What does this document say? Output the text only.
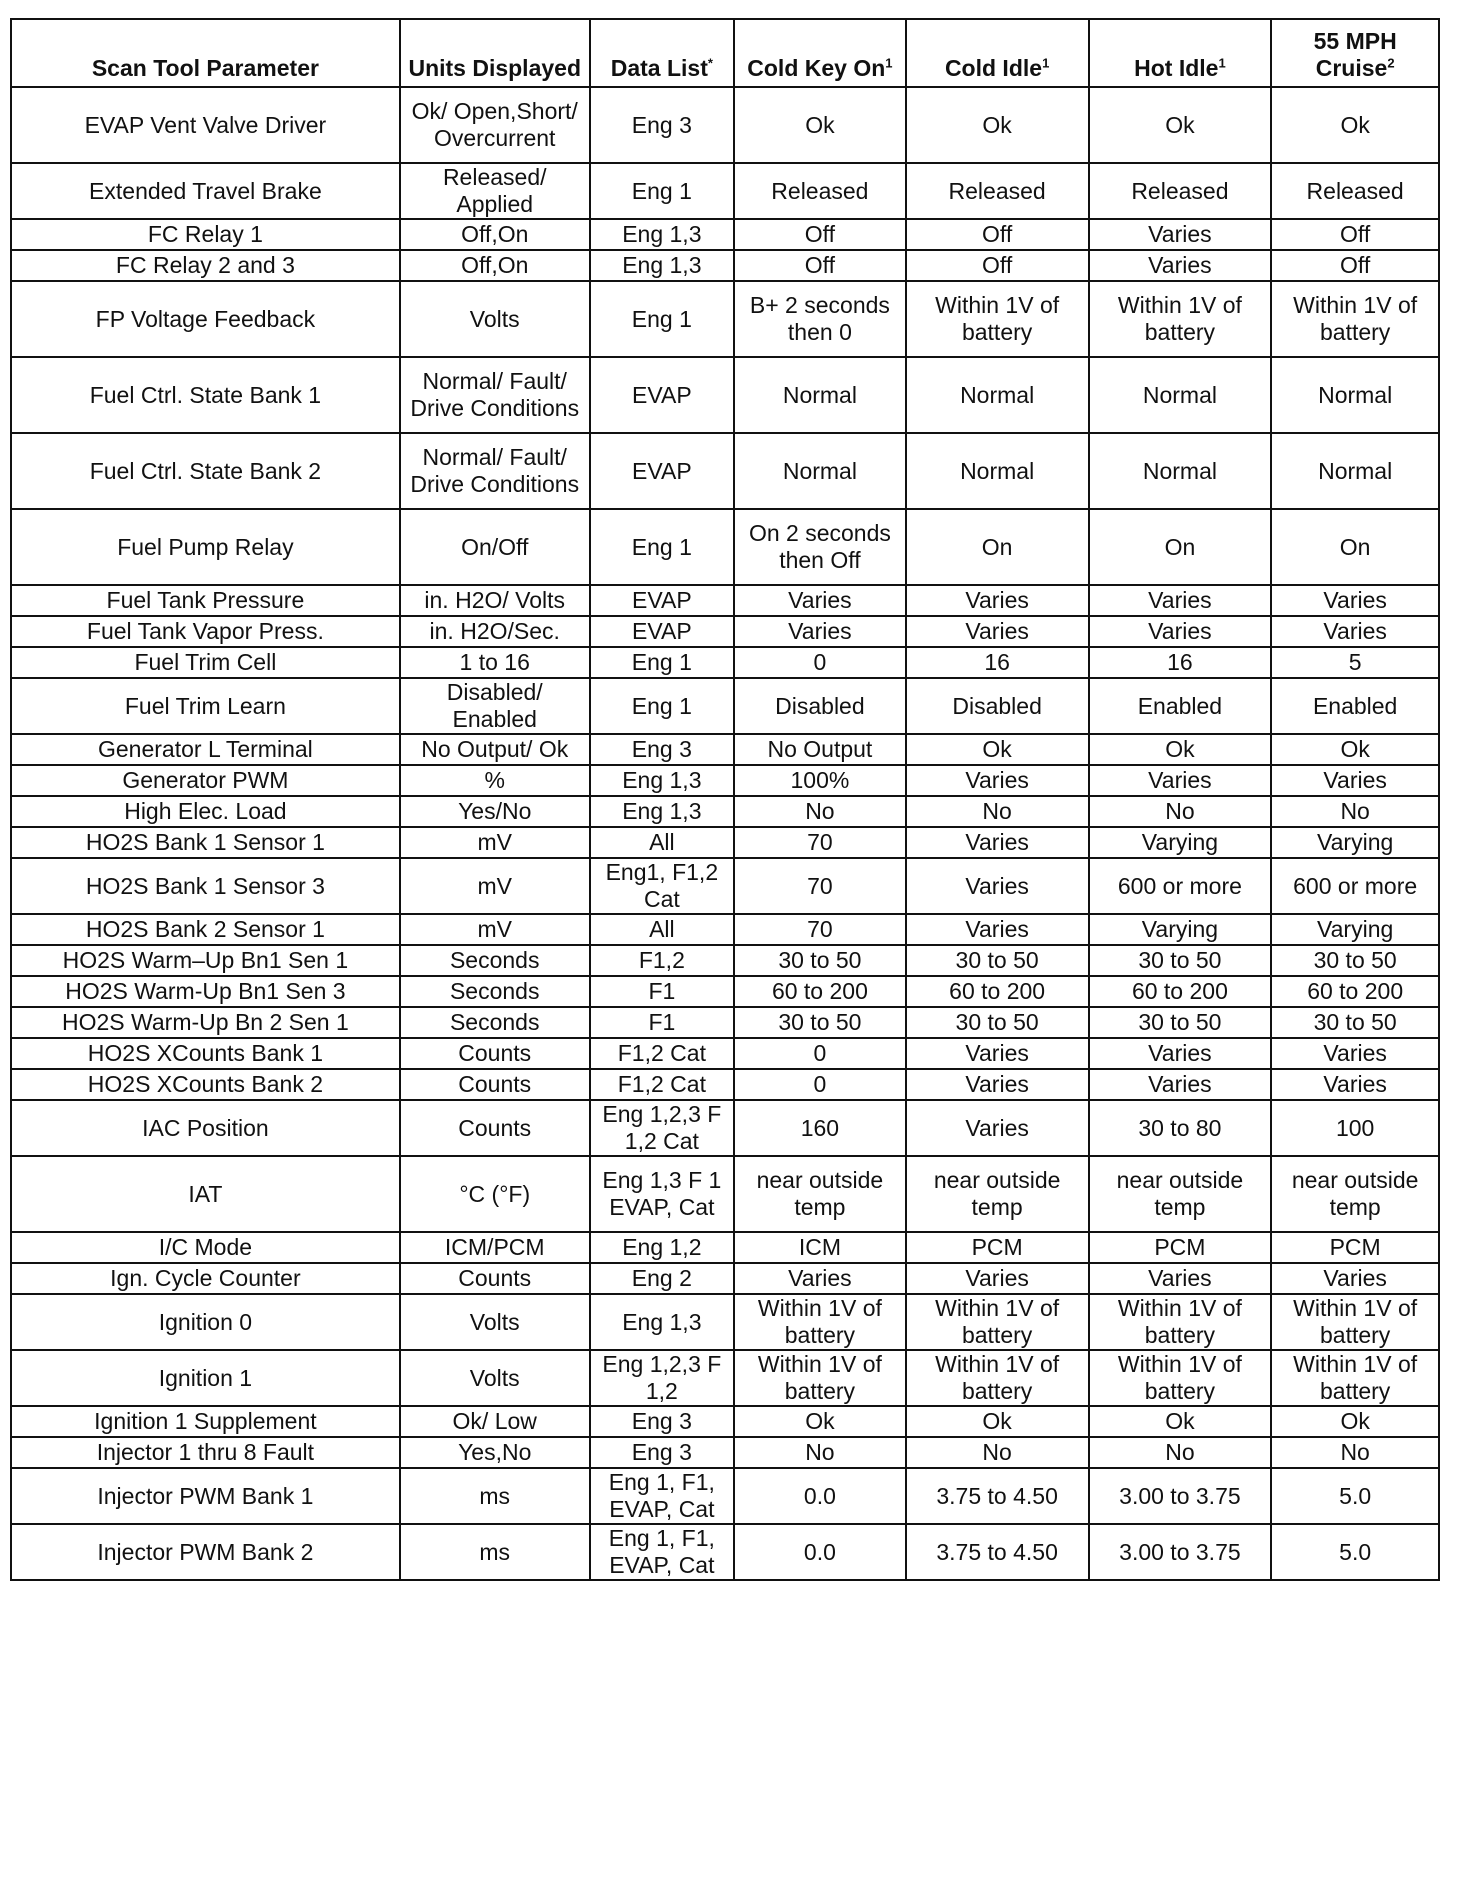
Scan Tool Parameter	Units Displayed	Data List*	Cold Key On$^1$	Cold Idle$^1$	Hot Idle$^1$	55 MPH Cruise$^2$
EVAP Vent Valve Driver	Ok/ Open,Short/ Overcurrent	Eng 3	Ok	Ok	Ok	Ok
Extended Travel Brake	Released/ Applied	Eng 1	Released	Released	Released	Released
FC Relay 1	Off,On	Eng 1,3	Off	Off	Varies	Off
FC Relay 2 and 3	Off,On	Eng 1,3	Off	Off	Varies	Off
FP Voltage Feedback	Volts	Eng 1	B+ 2 seconds then 0	Within 1V of battery	Within 1V of battery	Within 1V of battery
Fuel Ctrl. State Bank 1	Normal/ Fault/ Drive Conditions	EVAP	Normal	Normal	Normal	Normal
Fuel Ctrl. State Bank 2	Normal/ Fault/ Drive Conditions	EVAP	Normal	Normal	Normal	Normal
Fuel Pump Relay	On/Off	Eng 1	On 2 seconds then Off	On	On	On
Fuel Tank Pressure	in. H2O/ Volts	EVAP	Varies	Varies	Varies	Varies
Fuel Tank Vapor Press.	in. H2O/Sec.	EVAP	Varies	Varies	Varies	Varies
Fuel Trim Cell	1 to 16	Eng 1	0	16	16	5
Fuel Trim Learn	Disabled/ Enabled	Eng 1	Disabled	Disabled	Enabled	Enabled
Generator L Terminal	No Output/ Ok	Eng 3	No Output	Ok	Ok	Ok
Generator PWM	%	Eng 1,3	100%	Varies	Varies	Varies
High Elec. Load	Yes/No	Eng 1,3	No	No	No	No
HO2S Bank 1 Sensor 1	mV	All	70	Varies	Varying	Varying
HO2S Bank 1 Sensor 3	mV	Eng1, F1,2 Cat	70	Varies	600 or more	600 or more
HO2S Bank 2 Sensor 1	mV	All	70	Varies	Varying	Varying
HO2S Warm–Up Bn1 Sen 1	Seconds	F1,2	30 to 50	30 to 50	30 to 50	30 to 50
HO2S Warm-Up Bn1 Sen 3	Seconds	F1	60 to 200	60 to 200	60 to 200	60 to 200
HO2S Warm-Up Bn 2 Sen 1	Seconds	F1	30 to 50	30 to 50	30 to 50	30 to 50
HO2S XCounts Bank 1	Counts	F1,2 Cat	0	Varies	Varies	Varies
HO2S XCounts Bank 2	Counts	F1,2 Cat	0	Varies	Varies	Varies
IAC Position	Counts	Eng 1,2,3 F 1,2 Cat	160	Varies	30 to 80	100
IAT	°C (°F)	Eng 1,3 F 1 EVAP, Cat	near outside temp	near outside temp	near outside temp	near outside temp
I/C Mode	ICM/PCM	Eng 1,2	ICM	PCM	PCM	PCM
Ign. Cycle Counter	Counts	Eng 2	Varies	Varies	Varies	Varies
Ignition 0	Volts	Eng 1,3	Within 1V of battery	Within 1V of battery	Within 1V of battery	Within 1V of battery
Ignition 1	Volts	Eng 1,2,3 F 1,2	Within 1V of battery	Within 1V of battery	Within 1V of battery	Within 1V of battery
Ignition 1 Supplement	Ok/ Low	Eng 3	Ok	Ok	Ok	Ok
Injector 1 thru 8 Fault	Yes,No	Eng 3	No	No	No	No
Injector PWM Bank 1	ms	Eng 1, F1, EVAP, Cat	0.0	3.75 to 4.50	3.00 to 3.75	5.0
Injector PWM Bank 2	ms	Eng 1, F1, EVAP, Cat	0.0	3.75 to 4.50	3.00 to 3.75	5.0
